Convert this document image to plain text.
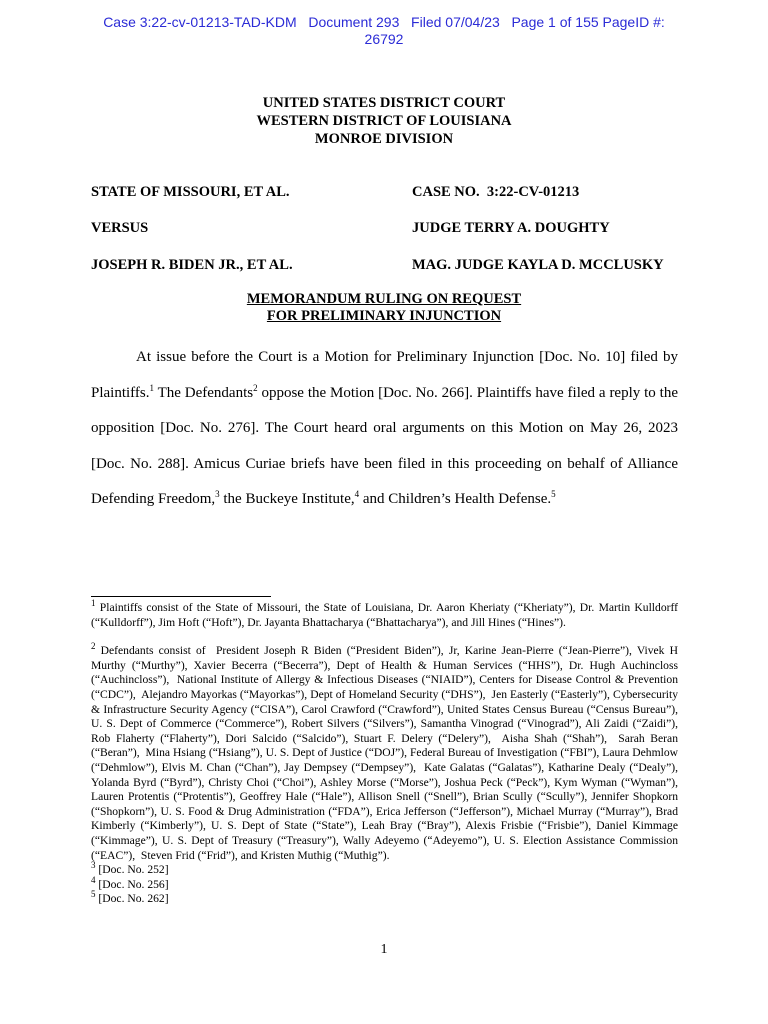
Case 3:22-cv-01213-TAD-KDM   Document 293   Filed 07/04/23   Page 1 of 155 PageID #:
26792
UNITED STATES DISTRICT COURT
WESTERN DISTRICT OF LOUISIANA
MONROE DIVISION
STATE OF MISSOURI, ET AL.	CASE NO.  3:22-CV-01213
VERSUS	JUDGE TERRY A. DOUGHTY
JOSEPH R. BIDEN JR., ET AL.	MAG. JUDGE KAYLA D. MCCLUSKY
MEMORANDUM RULING ON REQUEST
FOR PRELIMINARY INJUNCTION

At issue before the Court is a Motion for Preliminary Injunction [Doc. No. 10] filed by Plaintiffs.$^1$ The Defendants$^2$ oppose the Motion [Doc. No. 266]. Plaintiffs have filed a reply to the opposition [Doc. No. 276]. The Court heard oral arguments on this Motion on May 26, 2023 [Doc. No. 288]. Amicus Curiae briefs have been filed in this proceeding on behalf of Alliance Defending Freedom,$^3$ the Buckeye Institute,$^4$ and Children’s Health Defense.$^5$

$^1$ Plaintiffs consist of the State of Missouri, the State of Louisiana, Dr. Aaron Kheriaty (“Kheriaty”), Dr. Martin Kulldorff (“Kulldorff”), Jim Hoft (“Hoft”), Dr. Jayanta Bhattacharya (“Bhattacharya”), and Jill Hines (“Hines”).

$^2$ Defendants consist of  President Joseph R Biden (“President Biden”), Jr, Karine Jean-Pierre (“Jean-Pierre”), Vivek H Murthy (“Murthy”), Xavier Becerra (“Becerra”), Dept of Health & Human Services (“HHS”), Dr. Hugh Auchincloss (“Auchincloss”),  National Institute of Allergy & Infectious Diseases (“NIAID”), Centers for Disease Control & Prevention (“CDC”),  Alejandro Mayorkas (“Mayorkas”), Dept of Homeland Security (“DHS”),  Jen Easterly (“Easterly”), Cybersecurity & Infrastructure Security Agency (“CISA”), Carol Crawford (“Crawford”), United States Census Bureau (“Census Bureau”), U. S. Dept of Commerce (“Commerce”), Robert Silvers (“Silvers”), Samantha Vinograd (“Vinograd”), Ali Zaidi (“Zaidi”), Rob Flaherty (“Flaherty”), Dori Salcido (“Salcido”), Stuart F. Delery (“Delery”),  Aisha Shah (“Shah”),  Sarah Beran (“Beran”),  Mina Hsiang (“Hsiang”), U. S. Dept of Justice (“DOJ”), Federal Bureau of Investigation (“FBI”), Laura Dehmlow (“Dehmlow”), Elvis M. Chan (“Chan”), Jay Dempsey (“Dempsey”),  Kate Galatas (“Galatas”), Katharine Dealy (“Dealy”), Yolanda Byrd (“Byrd”), Christy Choi (“Choi”), Ashley Morse (“Morse”), Joshua Peck (“Peck”), Kym Wyman (“Wyman”), Lauren Protentis (“Protentis”), Geoffrey Hale (“Hale”), Allison Snell (“Snell”), Brian Scully (“Scully”), Jennifer Shopkorn (“Shopkorn”), U. S. Food & Drug Administration (“FDA”), Erica Jefferson (“Jefferson”), Michael Murray (“Murray”), Brad Kimberly (“Kimberly”), U. S. Dept of State (“State”), Leah Bray (“Bray”), Alexis Frisbie (“Frisbie”), Daniel Kimmage (“Kimmage”), U. S. Dept of Treasury (“Treasury”), Wally Adeyemo (“Adeyemo”), U. S. Election Assistance Commission (“EAC”),  Steven Frid (“Frid”), and Kristen Muthig (“Muthig”).

$^3$ [Doc. No. 252]

$^4$ [Doc. No. 256]

$^5$ [Doc. No. 262]

1
